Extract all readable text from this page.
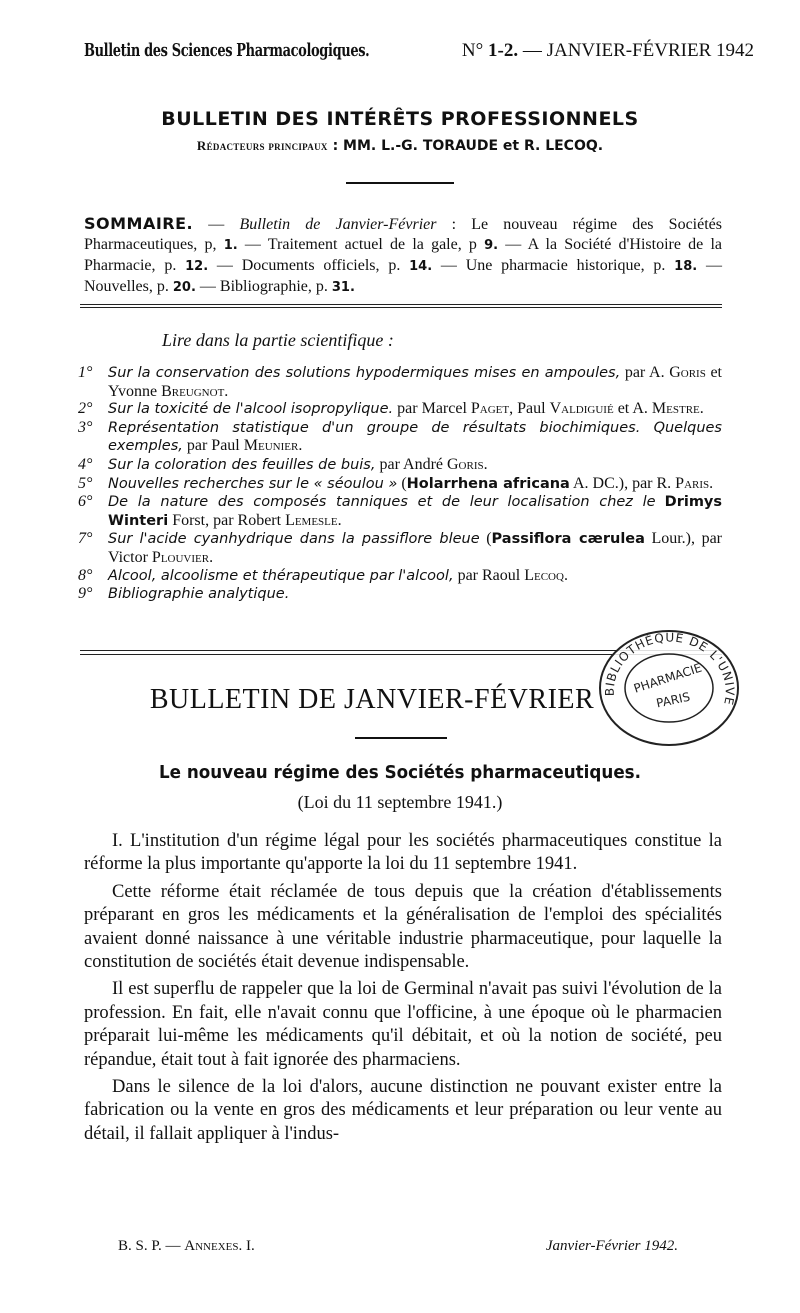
Bulletin des Sciences Pharmacologiques.	N° 1-2. — JANVIER-FÉVRIER 1942
BULLETIN DES INTÉRÊTS PROFESSIONNELS
Rédacteurs principaux : MM. L.-G. TORAUDE et R. LECOQ.
SOMMAIRE. — Bulletin de Janvier-Février : Le nouveau régime des Sociétés Pharmaceutiques, p, 1. — Traitement actuel de la gale, p 9. — A la Société d'Histoire de la Pharmacie, p. 12. — Documents officiels, p. 14. — Une pharmacie historique, p. 18. — Nouvelles, p. 20. — Bibliographie, p. 31.
Lire dans la partie scientifique :
1° Sur la conservation des solutions hypodermiques mises en ampoules, par A. Goris et Yvonne Breugnot.
2° Sur la toxicité de l'alcool isopropylique. par Marcel Paget, Paul Valdiguié et A. Mestre.
3° Représentation statistique d'un groupe de résultats biochimiques. Quelques exemples, par Paul Meunier.
4° Sur la coloration des feuilles de buis, par André Goris.
5° Nouvelles recherches sur le « séoulou » (Holarrhena africana A. DC.), par R. Paris.
6° De la nature des composés tanniques et de leur localisation chez le Drimys Winteri Forst, par Robert Lemesle.
7° Sur l'acide cyanhydrique dans la passiflore bleue (Passiflora cærulea Lour.), par Victor Plouvier.
8° Alcool, alcoolisme et thérapeutique par l'alcool, par Raoul Lecoq.
9° Bibliographie analytique.
BULLETIN DE JANVIER-FÉVRIER BIBLIOTHÈQUE DE L'UNIVE
PHARMACIE
PARIS
Le nouveau régime des Sociétés pharmaceutiques.
(Loi du 11 septembre 1941.)

I. L'institution d'un régime légal pour les sociétés pharmaceutiques constitue la réforme la plus importante qu'apporte la loi du 11 septembre 1941.

Cette réforme était réclamée de tous depuis que la création d'établissements préparant en gros les médicaments et la généralisation de l'emploi des spécialités avaient donné naissance à une véritable industrie pharmaceutique, pour laquelle la constitution de sociétés était devenue indispensable.

Il est superflu de rappeler que la loi de Germinal n'avait pas suivi l'évolution de la profession. En fait, elle n'avait connu que l'officine, à une époque où le pharmacien préparait lui-même les médicaments qu'il débitait, et où la notion de société, peu répandue, était tout à fait ignorée des pharmaciens.

Dans le silence de la loi d'alors, aucune distinction ne pouvant exister entre la fabrication ou la vente en gros des médicaments et leur préparation ou leur vente au détail, il fallait appliquer à l'indus-

B. S. P. — Annexes. I.	Janvier-Février 1942.
